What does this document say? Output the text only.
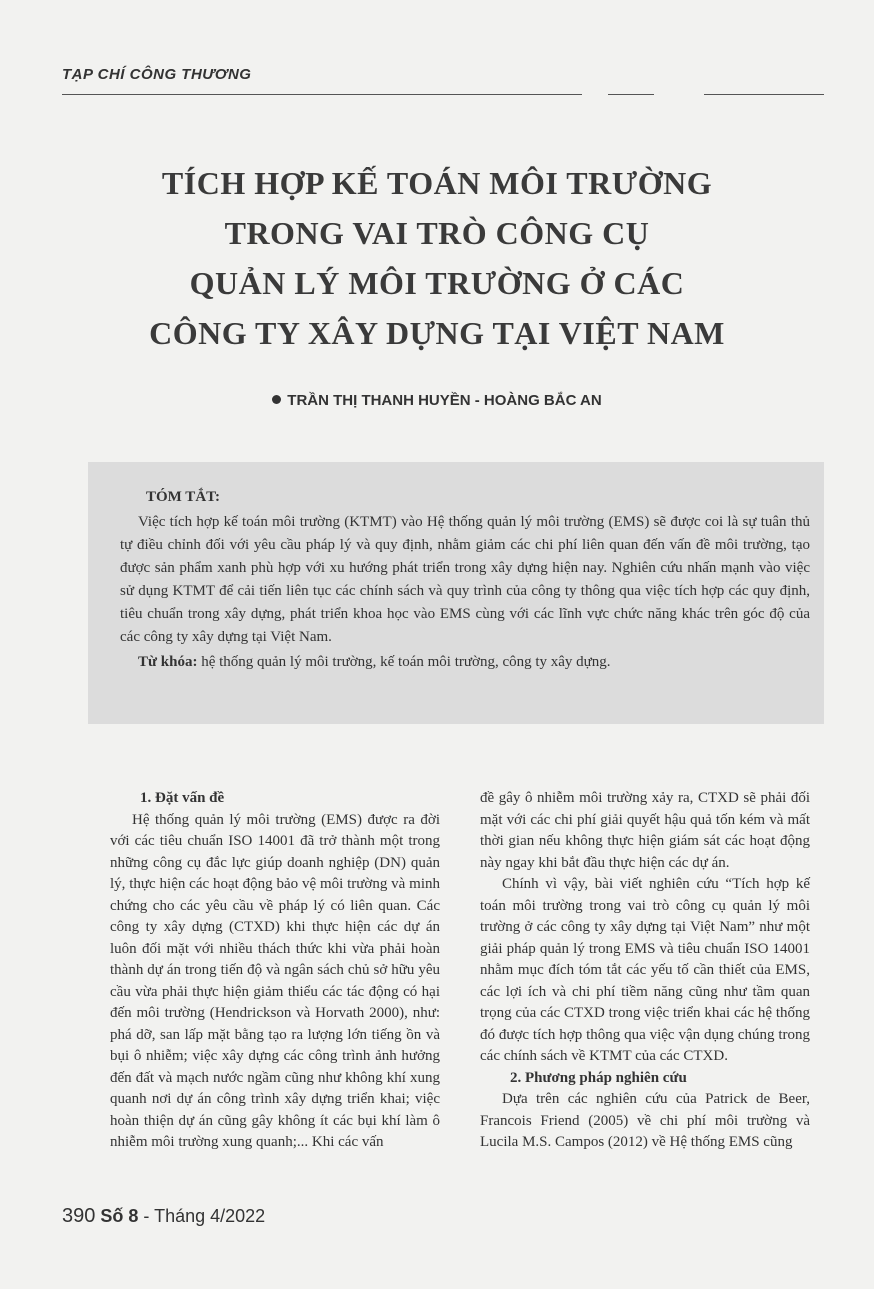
TẠP CHÍ CÔNG THƯƠNG
TÍCH HỢP KẾ TOÁN MÔI TRƯỜNG
TRONG VAI TRÒ CÔNG CỤ
QUẢN LÝ MÔI TRƯỜNG Ở CÁC
CÔNG TY XÂY DỰNG TẠI VIỆT NAM
TRẦN THỊ THANH HUYỀN - HOÀNG BẮC AN
TÓM TẮT:
Việc tích hợp kế toán môi trường (KTMT) vào Hệ thống quản lý môi trường (EMS) sẽ được coi là sự tuân thủ tự điều chỉnh đối với yêu cầu pháp lý và quy định, nhằm giảm các chi phí liên quan đến vấn đề môi trường, tạo được sản phẩm xanh phù hợp với xu hướng phát triển trong xây dựng hiện nay. Nghiên cứu nhấn mạnh vào việc sử dụng KTMT để cải tiến liên tục các chính sách và quy trình của công ty thông qua việc tích hợp các quy định, tiêu chuẩn trong xây dựng, phát triển khoa học vào EMS cùng với các lĩnh vực chức năng khác trên góc độ của các công ty xây dựng tại Việt Nam.
Từ khóa: hệ thống quản lý môi trường, kế toán môi trường, công ty xây dựng.
1. Đặt vấn đề

Hệ thống quản lý môi trường (EMS) được ra đời với các tiêu chuẩn ISO 14001 đã trở thành một trong những công cụ đắc lực giúp doanh nghiệp (DN) quản lý, thực hiện các hoạt động bảo vệ môi trường và minh chứng cho các yêu cầu về pháp lý có liên quan. Các công ty xây dựng (CTXD) khi thực hiện các dự án luôn đối mặt với nhiều thách thức khi vừa phải hoàn thành dự án trong tiến độ và ngân sách chủ sở hữu yêu cầu vừa phải thực hiện giảm thiểu các tác động có hại đến môi trường (Hendrickson và Horvath 2000), như: phá dỡ, san lấp mặt bằng tạo ra lượng lớn tiếng ồn và bụi ô nhiễm; việc xây dựng các công trình ảnh hưởng đến đất và mạch nước ngầm cũng như không khí xung quanh nơi dự án công trình xây dựng triển khai; việc hoàn thiện dự án cũng gây không ít các bụi khí làm ô nhiễm môi trường xung quanh;... Khi các vấn

đề gây ô nhiễm môi trường xảy ra, CTXD sẽ phải đối mặt với các chi phí giải quyết hậu quả tốn kém và mất thời gian nếu không thực hiện giám sát các hoạt động này ngay khi bắt đầu thực hiện các dự án.

Chính vì vậy, bài viết nghiên cứu “Tích hợp kế toán môi trường trong vai trò công cụ quản lý môi trường ở các công ty xây dựng tại Việt Nam” như một giải pháp quản lý trong EMS và tiêu chuẩn ISO 14001 nhằm mục đích tóm tắt các yếu tố cần thiết của EMS, các lợi ích và chi phí tiềm năng cũng như tầm quan trọng của các CTXD trong việc triển khai các hệ thống đó được tích hợp thông qua việc vận dụng chúng trong các chính sách về KTMT của các CTXD.

2. Phương pháp nghiên cứu

Dựa trên các nghiên cứu của Patrick de Beer, Francois Friend (2005) về chi phí môi trường và Lucila M.S. Campos (2012) về Hệ thống EMS cũng

390 Số 8 - Tháng 4/2022
